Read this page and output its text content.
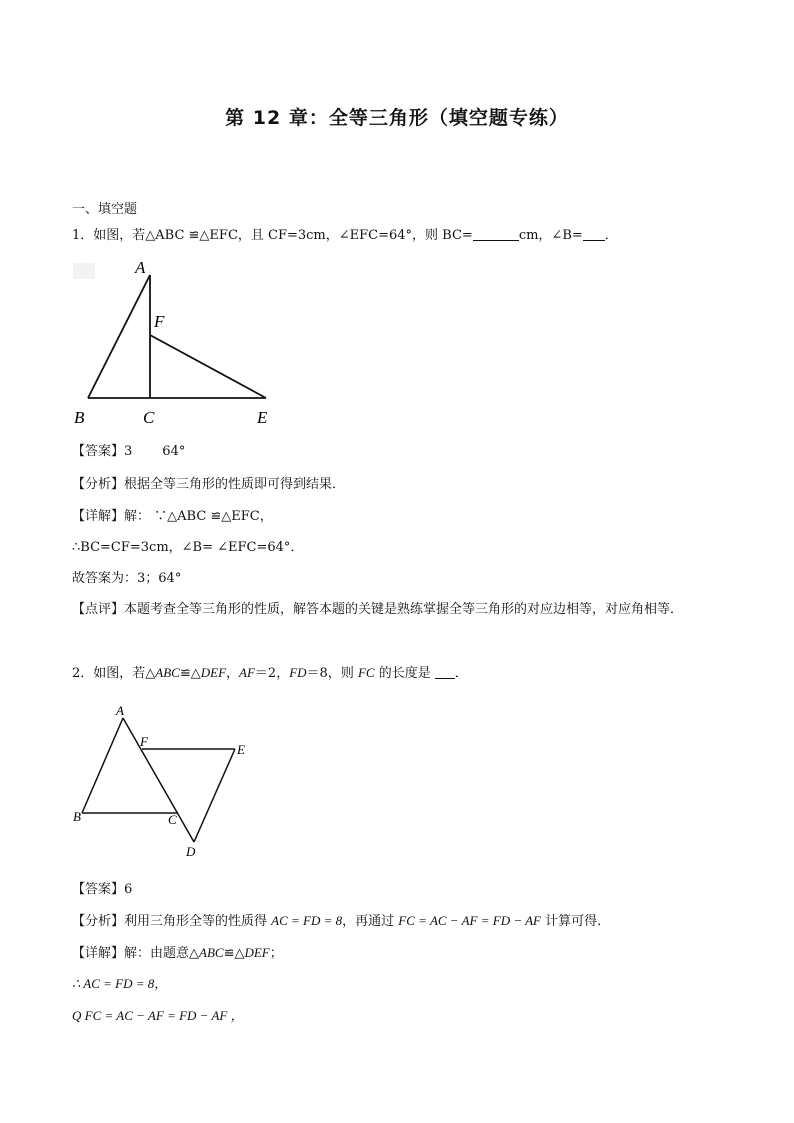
第 12 章：全等三角形（填空题专练）
一、填空题
1．如图，若△ABC ≌△EFC，且 CF=3cm，∠EFC=64°，则 BC=	cm，∠B= ．
A
F
B	C	E
【答案】3 64°
【分析】根据全等三角形的性质即可得到结果．
【详解】解： ∵△ABC ≌△EFC，
∴BC=CF=3cm，∠B= ∠EFC=64°．
故答案为：3；64°
【点评】本题考查全等三角形的性质，解答本题的关键是熟练掌握全等三角形的对应边相等，对应角相等．
2．如图，若△ABC≌△DEF，AF＝2，FD＝8，则 FC 的长度是 ．
A
F
E
B	C
D
【答案】6
【分析】利用三角形全等的性质得 AC = FD = 8，再通过 FC = AC − AF = FD − AF 计算可得．
【详解】解：由题意△ABC≌△DEF；
∴ AC = FD = 8，
Q FC = AC − AF = FD − AF ，
